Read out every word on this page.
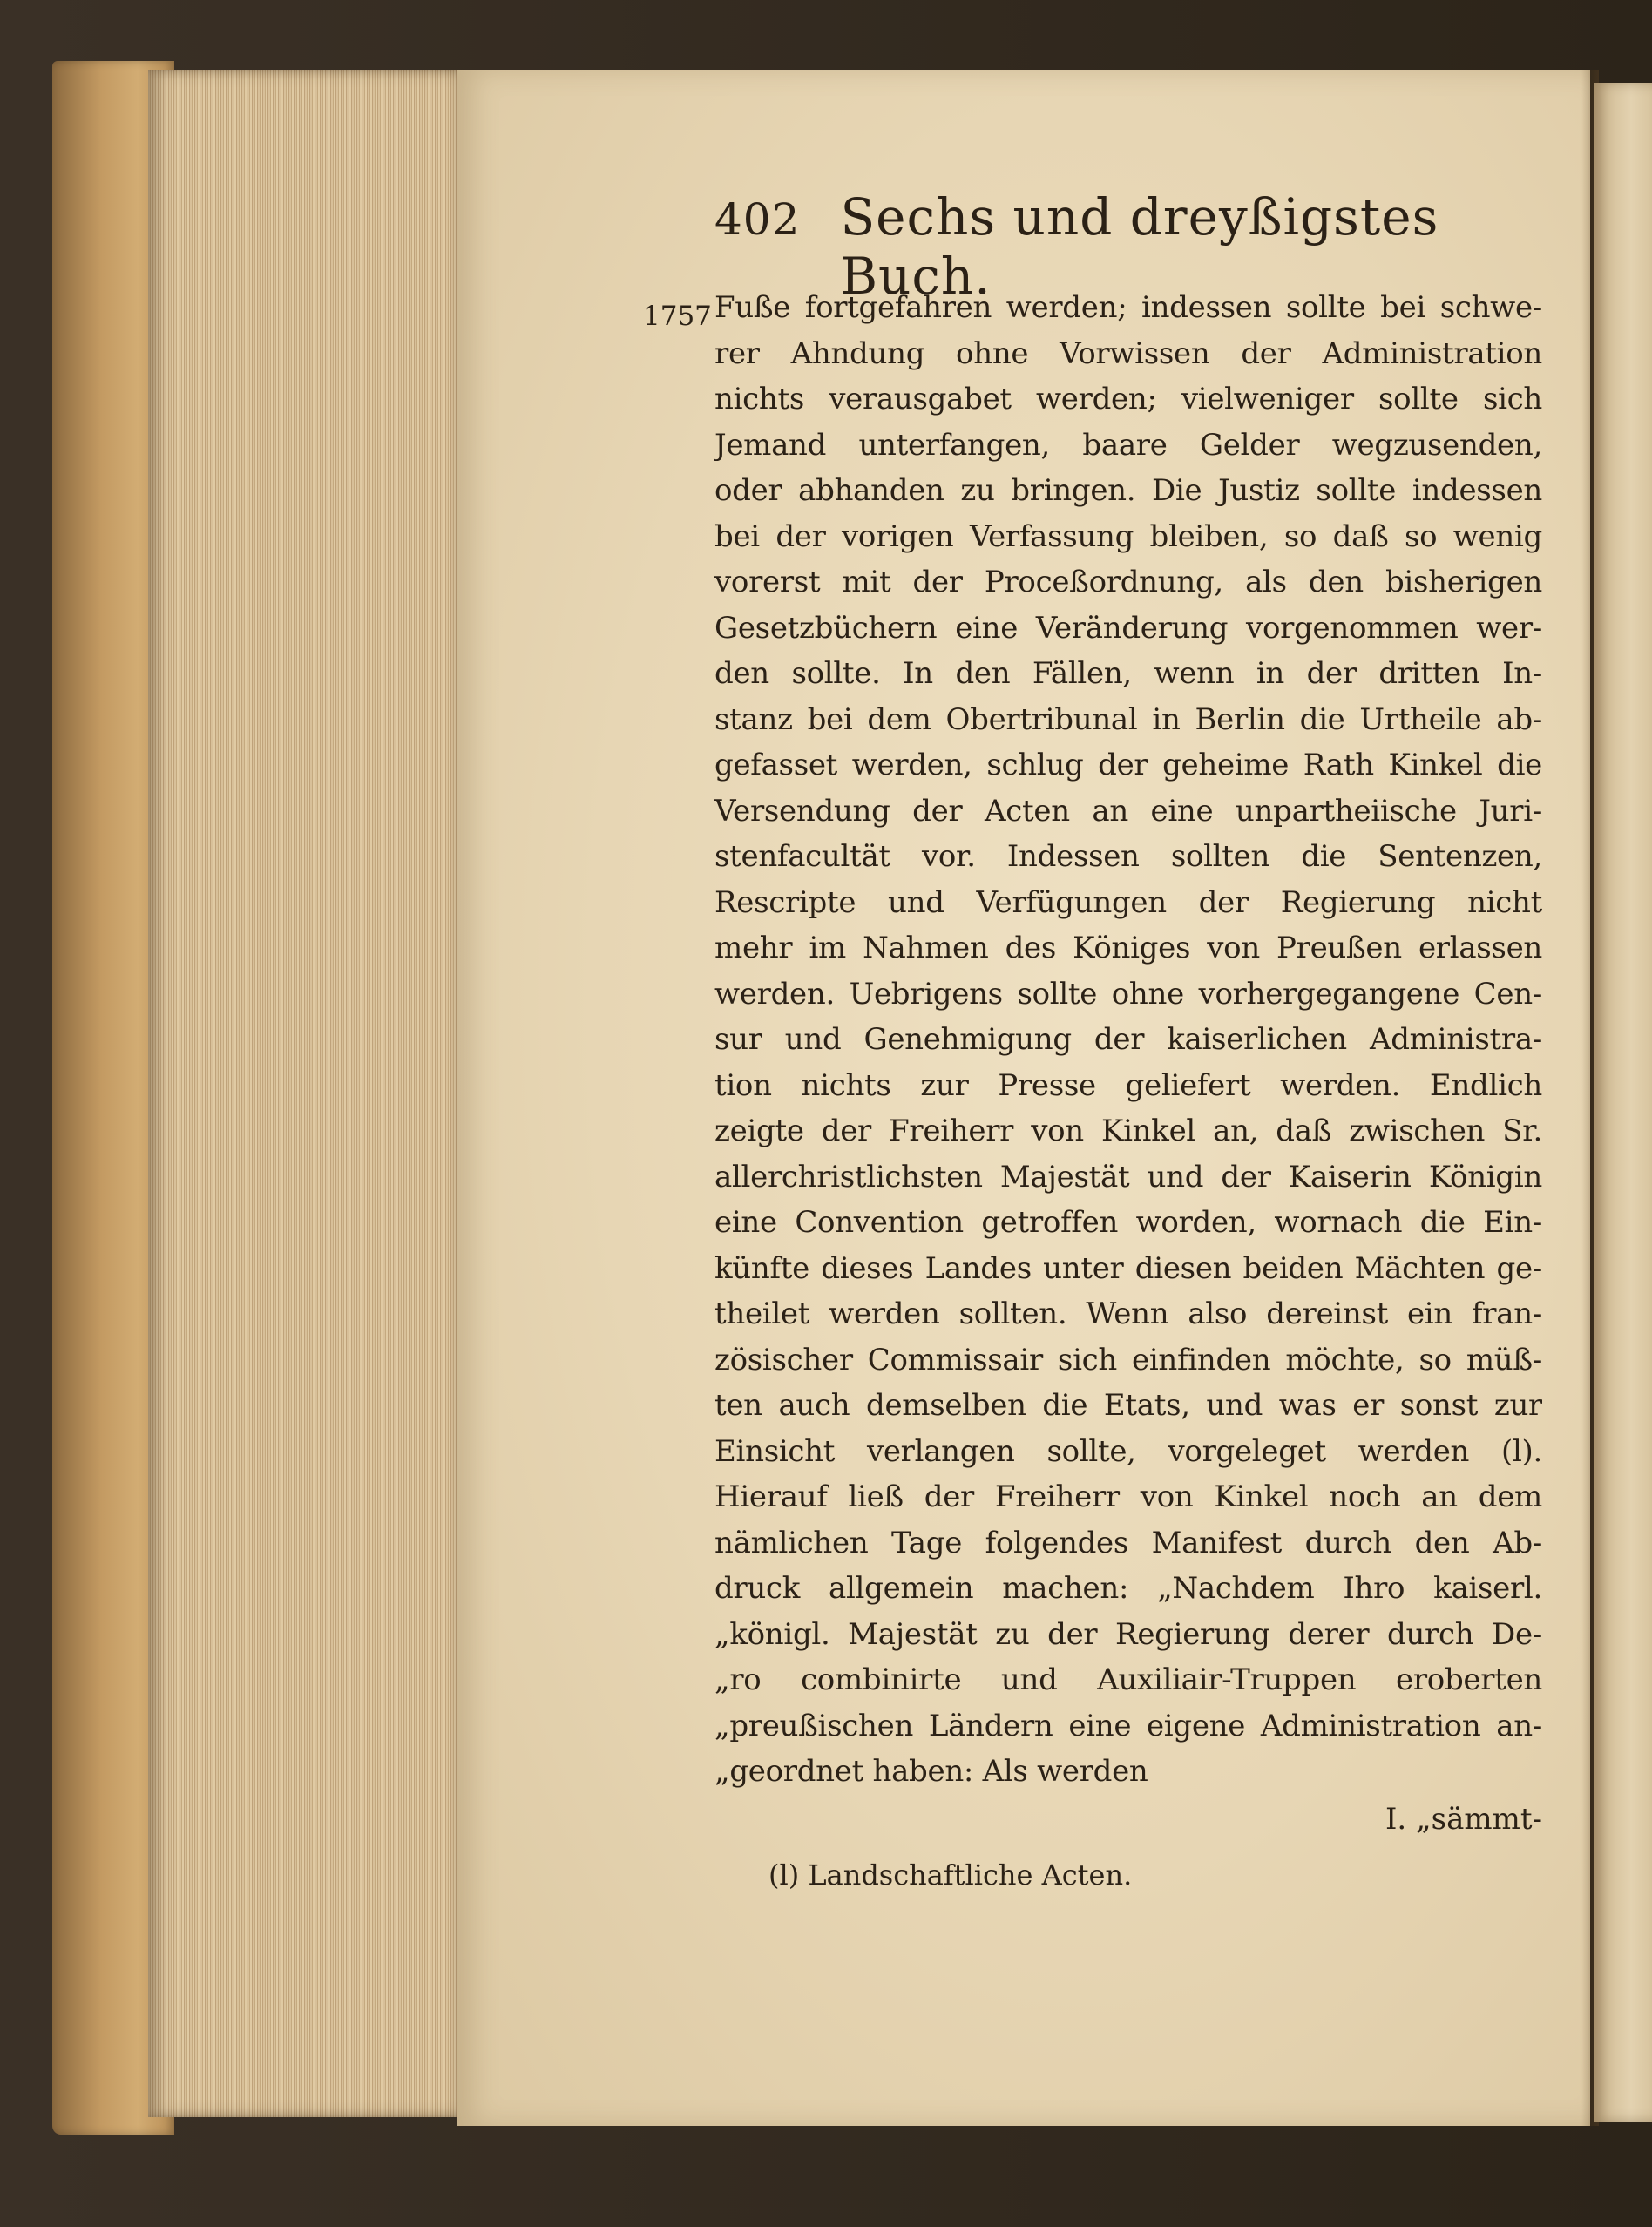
1757
402 Sechs und dreyßigstes Buch.
Fuße fortgefahren werden; indessen sollte bei schwe-
rer Ahndung ohne Vorwissen der Administration
nichts verausgabet werden; vielweniger sollte sich
Jemand unterfangen, baare Gelder wegzusenden,
oder abhanden zu bringen. Die Justiz sollte indessen
bei der vorigen Verfassung bleiben, so daß so wenig
vorerst mit der Proceßordnung, als den bisherigen
Gesetzbüchern eine Veränderung vorgenommen wer-
den sollte. In den Fällen, wenn in der dritten In-
stanz bei dem Obertribunal in Berlin die Urtheile ab-
gefasset werden, schlug der geheime Rath Kinkel die
Versendung der Acten an eine unpartheiische Juri-
stenfacultät vor. Indessen sollten die Sentenzen,
Rescripte und Verfügungen der Regierung nicht
mehr im Nahmen des Königes von Preußen erlassen
werden. Uebrigens sollte ohne vorhergegangene Cen-
sur und Genehmigung der kaiserlichen Administra-
tion nichts zur Presse geliefert werden. Endlich
zeigte der Freiherr von Kinkel an, daß zwischen Sr.
allerchristlichsten Majestät und der Kaiserin Königin
eine Convention getroffen worden, wornach die Ein-
künfte dieses Landes unter diesen beiden Mächten ge-
theilet werden sollten. Wenn also dereinst ein fran-
zösischer Commissair sich einfinden möchte, so müß-
ten auch demselben die Etats, und was er sonst zur
Einsicht verlangen sollte, vorgeleget werden (l).
Hierauf ließ der Freiherr von Kinkel noch an dem
nämlichen Tage folgendes Manifest durch den Ab-
druck allgemein machen: „Nachdem Ihro kaiserl.
„königl. Majestät zu der Regierung derer durch De-
„ro combinirte und Auxiliair-Truppen eroberten
„preußischen Ländern eine eigene Administration an-
„geordnet haben: Als werden
I. „sämmt-
(l) Landschaftliche Acten.
